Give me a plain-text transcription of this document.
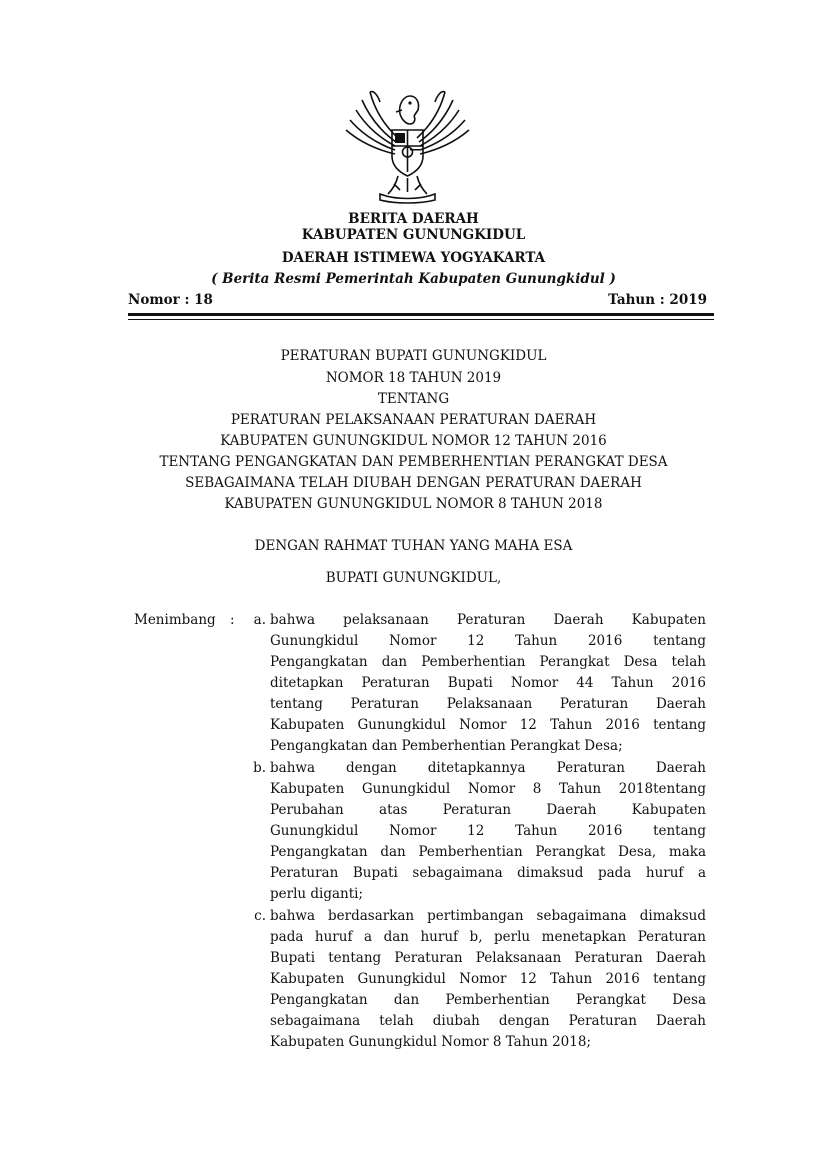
BERITA DAERAH
KABUPATEN GUNUNGKIDUL
DAERAH ISTIMEWA YOGYAKARTA
( Berita Resmi Pemerintah Kabupaten Gunungkidul )
Nomor : 18	Tahun : 2019
PERATURAN BUPATI GUNUNGKIDUL
NOMOR 18 TAHUN 2019
TENTANG
PERATURAN PELAKSANAAN PERATURAN DAERAH
KABUPATEN GUNUNGKIDUL NOMOR 12 TAHUN 2016
TENTANG PENGANGKATAN DAN PEMBERHENTIAN PERANGKAT DESA
SEBAGAIMANA TELAH DIUBAH DENGAN PERATURAN DAERAH
KABUPATEN GUNUNGKIDUL NOMOR 8 TAHUN 2018
DENGAN RAHMAT TUHAN YANG MAHA ESA
BUPATI GUNUNGKIDUL,
Menimbang :	a. bahwa pelaksanaan Peraturan Daerah Kabupaten
Gunungkidul Nomor 12 Tahun 2016 tentang
Pengangkatan dan Pemberhentian Perangkat Desa telah
ditetapkan Peraturan Bupati Nomor 44 Tahun 2016
tentang Peraturan Pelaksanaan Peraturan Daerah
Kabupaten Gunungkidul Nomor 12 Tahun 2016 tentang
Pengangkatan dan Pemberhentian Perangkat Desa;
b. bahwa dengan ditetapkannya Peraturan Daerah
Kabupaten Gunungkidul Nomor 8 Tahun 2018tentang
Perubahan atas Peraturan Daerah Kabupaten
Gunungkidul Nomor 12 Tahun 2016 tentang
Pengangkatan dan Pemberhentian Perangkat Desa, maka
Peraturan Bupati sebagaimana dimaksud pada huruf a
perlu diganti;
c. bahwa berdasarkan pertimbangan sebagaimana dimaksud
pada huruf a dan huruf b, perlu menetapkan Peraturan
Bupati tentang Peraturan Pelaksanaan Peraturan Daerah
Kabupaten Gunungkidul Nomor 12 Tahun 2016 tentang
Pengangkatan dan Pemberhentian Perangkat Desa
sebagaimana telah diubah dengan Peraturan Daerah
Kabupaten Gunungkidul Nomor 8 Tahun 2018;
